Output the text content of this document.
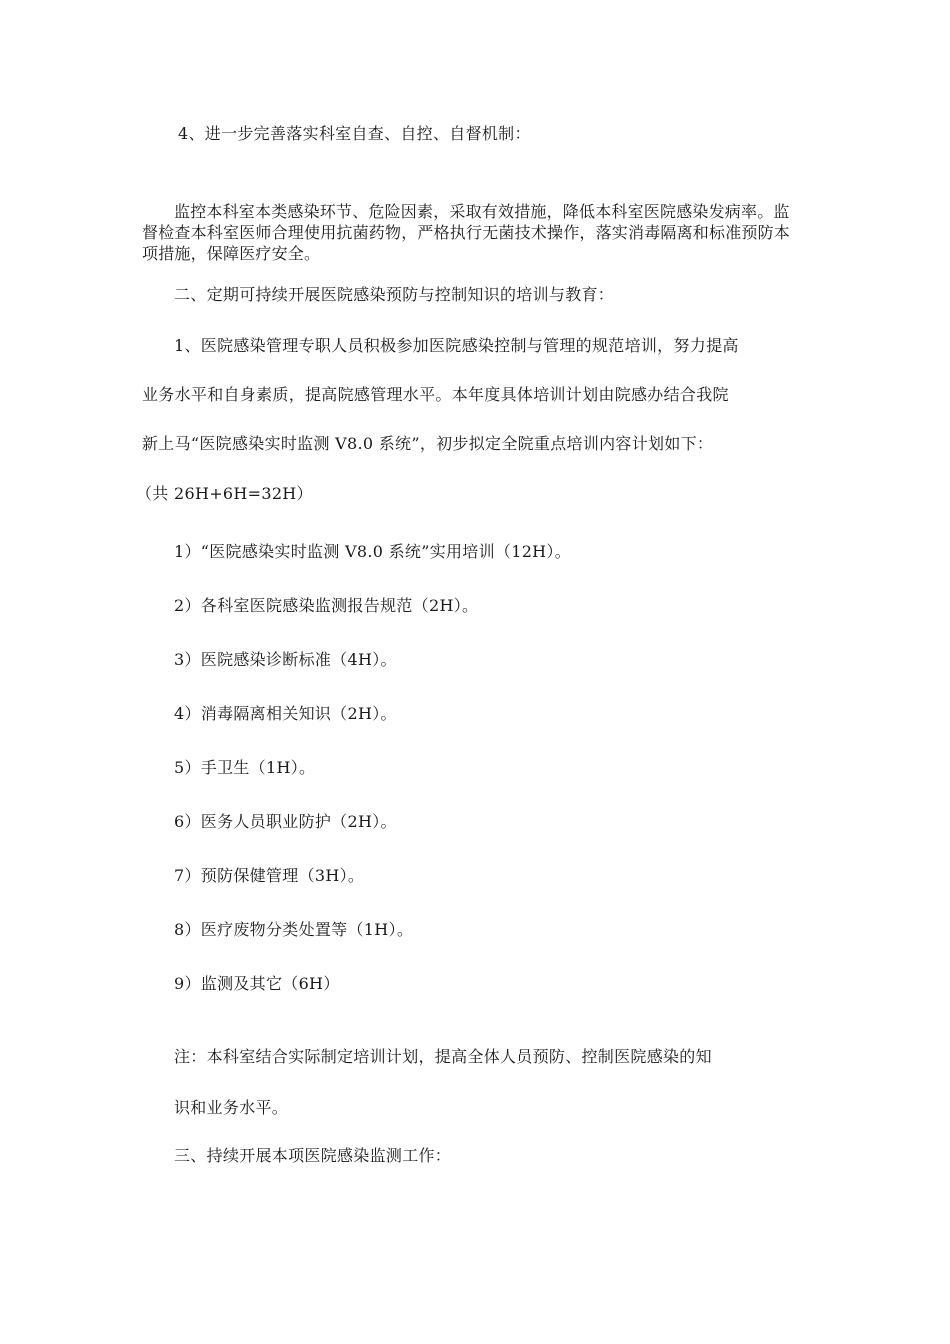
4、进一步完善落实科室自查、自控、自督机制：
监控本科室本类感染环节、危险因素，采取有效措施，降低本科室医院感染发病率。监督检查本科室医师合理使用抗菌药物，严格执行无菌技术操作，落实消毒隔离和标准预防本项措施，保障医疗安全。
二、定期可持续开展医院感染预防与控制知识的培训与教育：
1、医院感染管理专职人员积极参加医院感染控制与管理的规范培训，努力提高
业务水平和自身素质，提高院感管理水平。本年度具体培训计划由院感办结合我院
新上马“医院感染实时监测 V8.0 系统”，初步拟定全院重点培训内容计划如下：
（共 26H+6H=32H）
1）“医院感染实时监测 V8.0 系统”实用培训（12H）。
2）各科室医院感染监测报告规范（2H）。
3）医院感染诊断标准（4H）。
4）消毒隔离相关知识（2H）。
5）手卫生（1H）。
6）医务人员职业防护（2H）。
7）预防保健管理（3H）。
8）医疗废物分类处置等（1H）。
9）监测及其它（6H）
注：本科室结合实际制定培训计划，提高全体人员预防、控制医院感染的知
识和业务水平。
三、持续开展本项医院感染监测工作：
